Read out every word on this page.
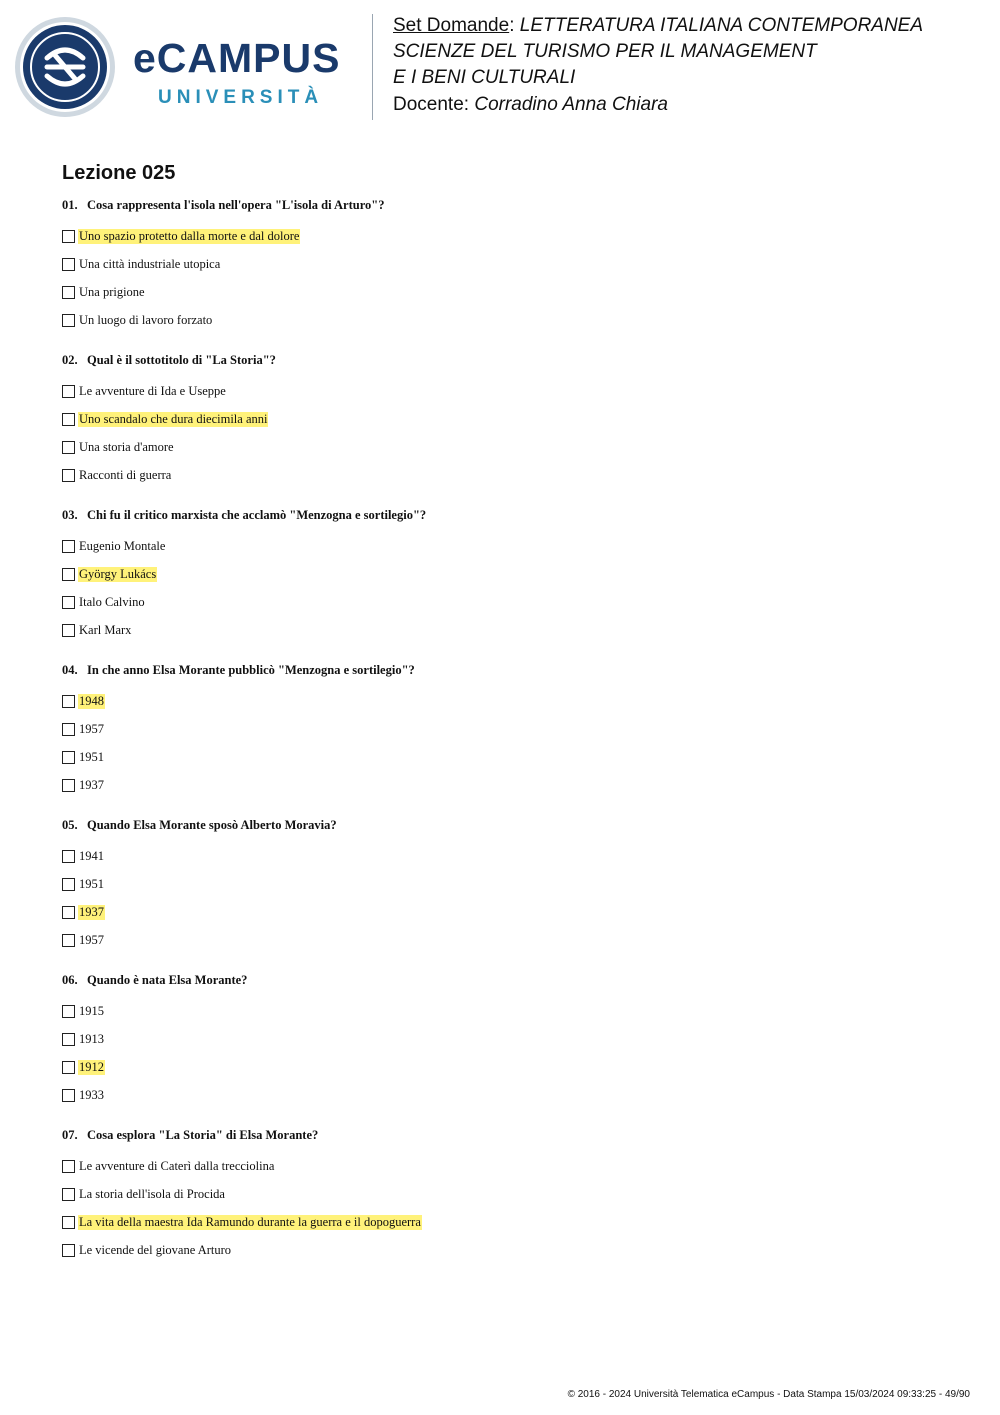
eCAMPUS
UNIVERSITÀ
Set Domande: LETTERATURA ITALIANA CONTEMPORANEA
SCIENZE DEL TURISMO PER IL MANAGEMENT
E I BENI CULTURALI
Docente: Corradino Anna Chiara
Lezione 025
01. Cosa rappresenta l'isola nell'opera "L'isola di Arturo"?
Uno spazio protetto dalla morte e dal dolore
Una città industriale utopica
Una prigione
Un luogo di lavoro forzato
02. Qual è il sottotitolo di "La Storia"?
Le avventure di Ida e Useppe
Uno scandalo che dura diecimila anni
Una storia d'amore
Racconti di guerra
03. Chi fu il critico marxista che acclamò "Menzogna e sortilegio"?
Eugenio Montale
György Lukács
Italo Calvino
Karl Marx
04. In che anno Elsa Morante pubblicò "Menzogna e sortilegio"?
1948
1957
1951
1937
05. Quando Elsa Morante sposò Alberto Moravia?
1941
1951
1937
1957
06. Quando è nata Elsa Morante?
1915
1913
1912
1933
07. Cosa esplora "La Storia" di Elsa Morante?
Le avventure di Caterì dalla trecciolina
La storia dell'isola di Procida
La vita della maestra Ida Ramundo durante la guerra e il dopoguerra
Le vicende del giovane Arturo
© 2016 - 2024 Università Telematica eCampus - Data Stampa 15/03/2024 09:33:25 - 49/90
